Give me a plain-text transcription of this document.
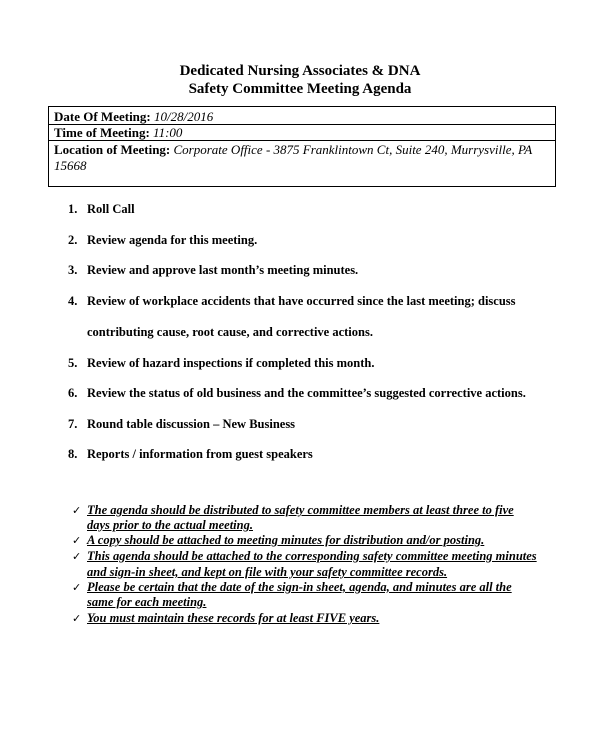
Dedicated Nursing Associates & DNA
Safety Committee Meeting Agenda
Date Of Meeting: 10/28/2016
Time of Meeting: 11:00
Location of Meeting: Corporate Office - 3875 Franklintown Ct, Suite 240, Murrysville, PA
15668
1. Roll Call
2. Review agenda for this meeting.
3. Review and approve last month’s meeting minutes.
4. Review of workplace accidents that have occurred since the last meeting; discuss
contributing cause, root cause, and corrective actions.
5. Review of hazard inspections if completed this month.
6. Review the status of old business and the committee’s suggested corrective actions.
7. Round table discussion – New Business
8. Reports / information from guest speakers
✓ The agenda should be distributed to safety committee members at least three to five
days prior to the actual meeting.
✓ A copy should be attached to meeting minutes for distribution and/or posting.
✓ This agenda should be attached to the corresponding safety committee meeting minutes
and sign-in sheet, and kept on file with your safety committee records.
✓ Please be certain that the date of the sign-in sheet, agenda, and minutes are all the
same for each meeting.
✓ You must maintain these records for at least FIVE years.
